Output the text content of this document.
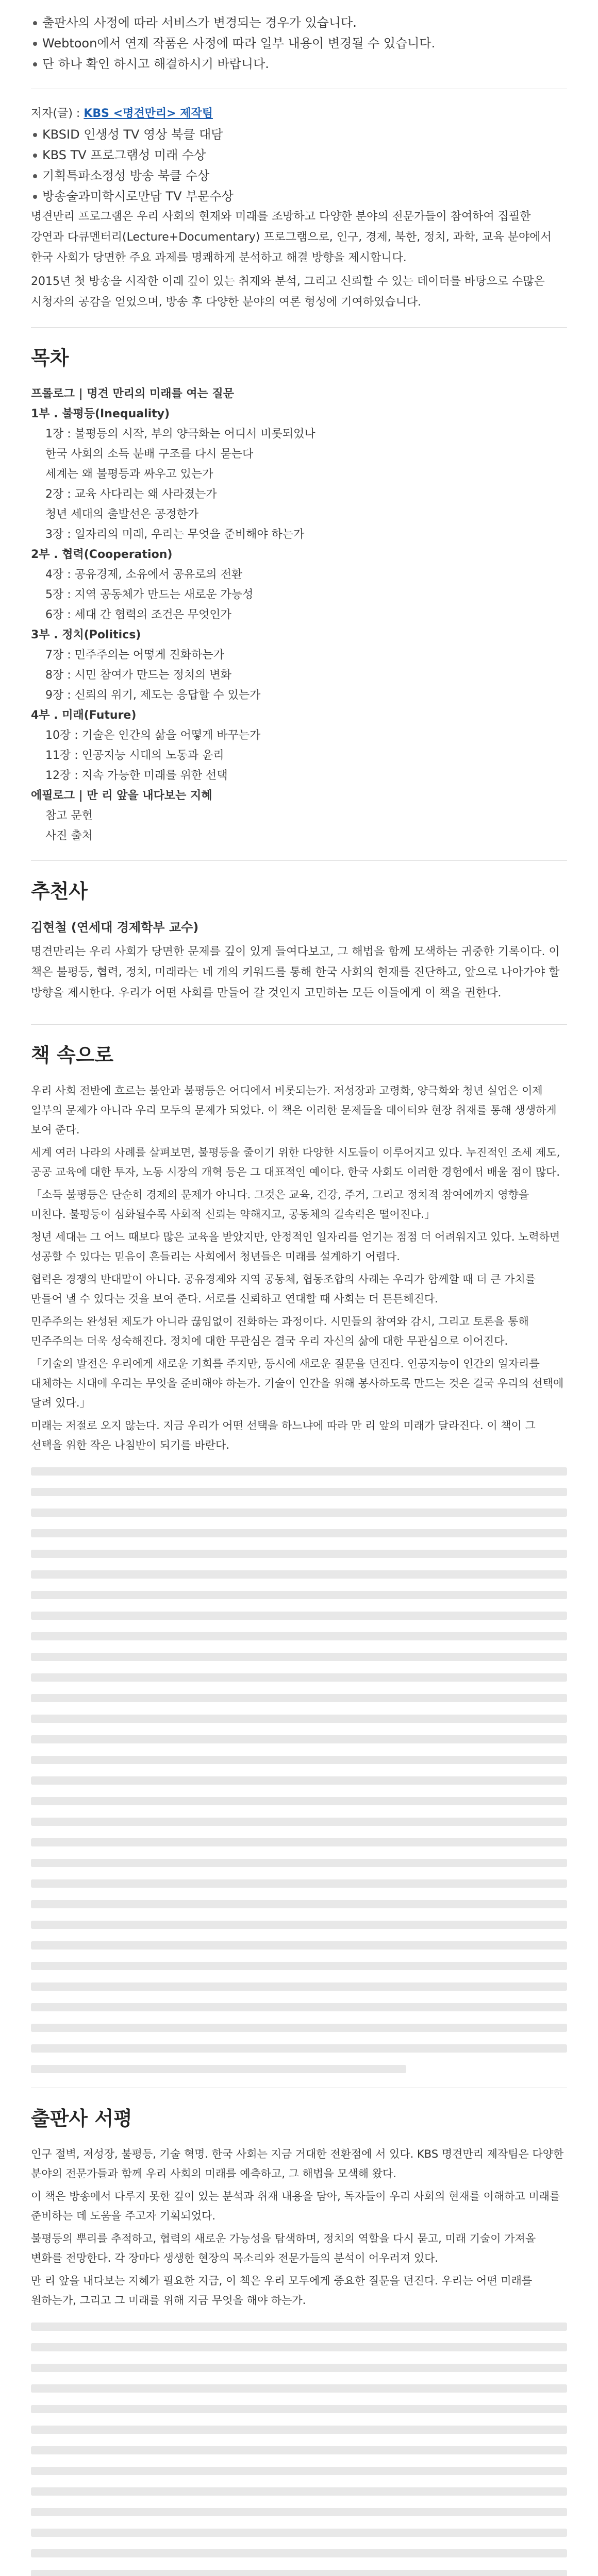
출판사의 사정에 따라 서비스가 변경되는 경우가 있습니다.
Webtoon에서 연재 작품은 사정에 따라 일부 내용이 변경될 수 있습니다.
단 하나 확인 하시고 해결하시기 바랍니다.

저자(글) : KBS <명견만리> 제작팀

KBSID 인생성 TV 영상 북클 대담
KBS TV 프로그램성 미래 수상
기획특파소정성 방송 북클 수상
방송술과미학시로만담 TV 부문수상

명견만리 프로그램은 우리 사회의 현재와 미래를 조망하고 다양한 분야의 전문가들이 참여하여 집필한 강연과 다큐멘터리(Lecture+Documentary) 프로그램으로, 인구, 경제, 북한, 정치, 과학, 교육 분야에서 한국 사회가 당면한 주요 과제를 명쾌하게 분석하고 해결 방향을 제시합니다.

2015년 첫 방송을 시작한 이래 깊이 있는 취재와 분석, 그리고 신뢰할 수 있는 데이터를 바탕으로 수많은 시청자의 공감을 얻었으며, 방송 후 다양한 분야의 여론 형성에 기여하였습니다.

목차

프롤로그 | 명견 만리의 미래를 여는 질문

1부 . 불평등(Inequality)

1장 : 불평등의 시작, 부의 양극화는 어디서 비롯되었나

한국 사회의 소득 분배 구조를 다시 묻는다

세계는 왜 불평등과 싸우고 있는가

2장 : 교육 사다리는 왜 사라졌는가

청년 세대의 출발선은 공정한가

3장 : 일자리의 미래, 우리는 무엇을 준비해야 하는가

2부 . 협력(Cooperation)

4장 : 공유경제, 소유에서 공유로의 전환

5장 : 지역 공동체가 만드는 새로운 가능성

6장 : 세대 간 협력의 조건은 무엇인가

3부 . 정치(Politics)

7장 : 민주주의는 어떻게 진화하는가

8장 : 시민 참여가 만드는 정치의 변화

9장 : 신뢰의 위기, 제도는 응답할 수 있는가

4부 . 미래(Future)

10장 : 기술은 인간의 삶을 어떻게 바꾸는가

11장 : 인공지능 시대의 노동과 윤리

12장 : 지속 가능한 미래를 위한 선택

에필로그 | 만 리 앞을 내다보는 지혜

참고 문헌

사진 출처

추천사

김현철 (연세대 경제학부 교수)

명견만리는 우리 사회가 당면한 문제를 깊이 있게 들여다보고, 그 해법을 함께 모색하는 귀중한 기록이다. 이 책은 불평등, 협력, 정치, 미래라는 네 개의 키워드를 통해 한국 사회의 현재를 진단하고, 앞으로 나아가야 할 방향을 제시한다. 우리가 어떤 사회를 만들어 갈 것인지 고민하는 모든 이들에게 이 책을 권한다.

책 속으로

우리 사회 전반에 흐르는 불안과 불평등은 어디에서 비롯되는가. 저성장과 고령화, 양극화와 청년 실업은 이제 일부의 문제가 아니라 우리 모두의 문제가 되었다. 이 책은 이러한 문제들을 데이터와 현장 취재를 통해 생생하게 보여 준다.

세계 여러 나라의 사례를 살펴보면, 불평등을 줄이기 위한 다양한 시도들이 이루어지고 있다. 누진적인 조세 제도, 공공 교육에 대한 투자, 노동 시장의 개혁 등은 그 대표적인 예이다. 한국 사회도 이러한 경험에서 배울 점이 많다.

「소득 불평등은 단순히 경제의 문제가 아니다. 그것은 교육, 건강, 주거, 그리고 정치적 참여에까지 영향을 미친다. 불평등이 심화될수록 사회적 신뢰는 약해지고, 공동체의 결속력은 떨어진다.」

청년 세대는 그 어느 때보다 많은 교육을 받았지만, 안정적인 일자리를 얻기는 점점 더 어려워지고 있다. 노력하면 성공할 수 있다는 믿음이 흔들리는 사회에서 청년들은 미래를 설계하기 어렵다.

협력은 경쟁의 반대말이 아니다. 공유경제와 지역 공동체, 협동조합의 사례는 우리가 함께할 때 더 큰 가치를 만들어 낼 수 있다는 것을 보여 준다. 서로를 신뢰하고 연대할 때 사회는 더 튼튼해진다.

민주주의는 완성된 제도가 아니라 끊임없이 진화하는 과정이다. 시민들의 참여와 감시, 그리고 토론을 통해 민주주의는 더욱 성숙해진다. 정치에 대한 무관심은 결국 우리 자신의 삶에 대한 무관심으로 이어진다.

「기술의 발전은 우리에게 새로운 기회를 주지만, 동시에 새로운 질문을 던진다. 인공지능이 인간의 일자리를 대체하는 시대에 우리는 무엇을 준비해야 하는가. 기술이 인간을 위해 봉사하도록 만드는 것은 결국 우리의 선택에 달려 있다.」

미래는 저절로 오지 않는다. 지금 우리가 어떤 선택을 하느냐에 따라 만 리 앞의 미래가 달라진다. 이 책이 그 선택을 위한 작은 나침반이 되기를 바란다.

출판사 서평

인구 절벽, 저성장, 불평등, 기술 혁명. 한국 사회는 지금 거대한 전환점에 서 있다. KBS 명견만리 제작팀은 다양한 분야의 전문가들과 함께 우리 사회의 미래를 예측하고, 그 해법을 모색해 왔다.

이 책은 방송에서 다루지 못한 깊이 있는 분석과 취재 내용을 담아, 독자들이 우리 사회의 현재를 이해하고 미래를 준비하는 데 도움을 주고자 기획되었다.

불평등의 뿌리를 추적하고, 협력의 새로운 가능성을 탐색하며, 정치의 역할을 다시 묻고, 미래 기술이 가져올 변화를 전망한다. 각 장마다 생생한 현장의 목소리와 전문가들의 분석이 어우러져 있다.

만 리 앞을 내다보는 지혜가 필요한 지금, 이 책은 우리 모두에게 중요한 질문을 던진다. 우리는 어떤 미래를 원하는가, 그리고 그 미래를 위해 지금 무엇을 해야 하는가.
